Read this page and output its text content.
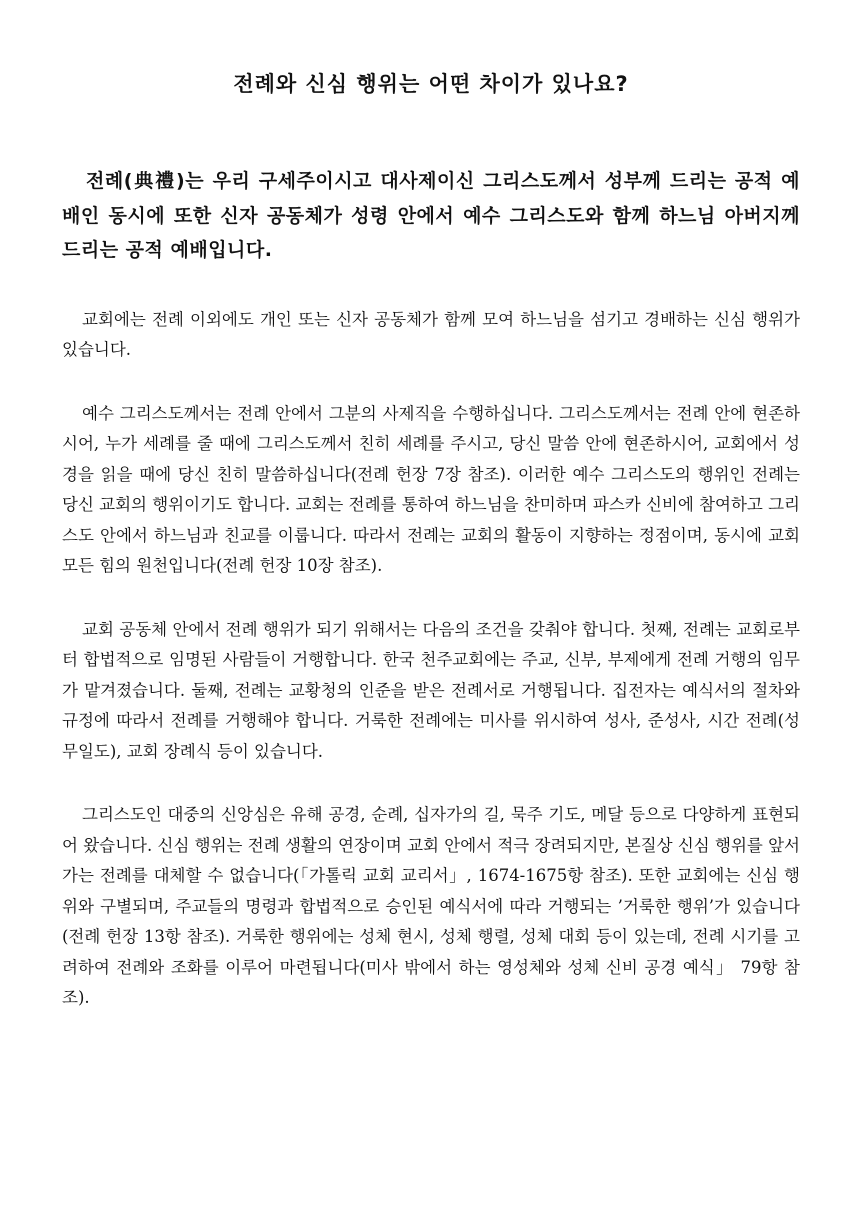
전례와 신심 행위는 어떤 차이가 있나요?

전례(典禮)는 우리 구세주이시고 대사제이신 그리스도께서 성부께 드리는 공적 예배인 동시에 또한 신자 공동체가 성령 안에서 예수 그리스도와 함께 하느님 아버지께 드리는 공적 예배입니다.

교회에는 전례 이외에도 개인 또는 신자 공동체가 함께 모여 하느님을 섬기고 경배하는 신심 행위가 있습니다.

예수 그리스도께서는 전례 안에서 그분의 사제직을 수행하십니다. 그리스도께서는 전례 안에 현존하시어, 누가 세례를 줄 때에 그리스도께서 친히 세례를 주시고, 당신 말씀 안에 현존하시어, 교회에서 성경을 읽을 때에 당신 친히 말씀하십니다(전례 헌장 7장 참조). 이러한 예수 그리스도의 행위인 전례는 당신 교회의 행위이기도 합니다. 교회는 전례를 통하여 하느님을 찬미하며 파스카 신비에 참여하고 그리스도 안에서 하느님과 친교를 이룹니다. 따라서 전례는 교회의 활동이 지향하는 정점이며, 동시에 교회 모든 힘의 원천입니다(전례 헌장 10장 참조).

교회 공동체 안에서 전례 행위가 되기 위해서는 다음의 조건을 갖춰야 합니다. 첫째, 전례는 교회로부터 합법적으로 임명된 사람들이 거행합니다. 한국 천주교회에는 주교, 신부, 부제에게 전례 거행의 임무가 맡겨졌습니다. 둘째, 전례는 교황청의 인준을 받은 전례서로 거행됩니다. 집전자는 예식서의 절차와 규정에 따라서 전례를 거행해야 합니다. 거룩한 전례에는 미사를 위시하여 성사, 준성사, 시간 전례(성무일도), 교회 장례식 등이 있습니다.

그리스도인 대중의 신앙심은 유해 공경, 순례, 십자가의 길, 묵주 기도, 메달 등으로 다양하게 표현되어 왔습니다. 신심 행위는 전례 생활의 연장이며 교회 안에서 적극 장려되지만, 본질상 신심 행위를 앞서 가는 전례를 대체할 수 없습니다(「가톨릭 교회 교리서」, 1674-1675항 참조). 또한 교회에는 신심 행위와 구별되며, 주교들의 명령과 합법적으로 승인된 예식서에 따라 거행되는 ’거룩한 행위’가 있습니다(전례 헌장 13항 참조). 거룩한 행위에는 성체 현시, 성체 행렬, 성체 대회 등이 있는데, 전례 시기를 고려하여 전례와 조화를 이루어 마련됩니다(미사 밖에서 하는 영성체와 성체 신비 공경 예식」 79항 참조).
